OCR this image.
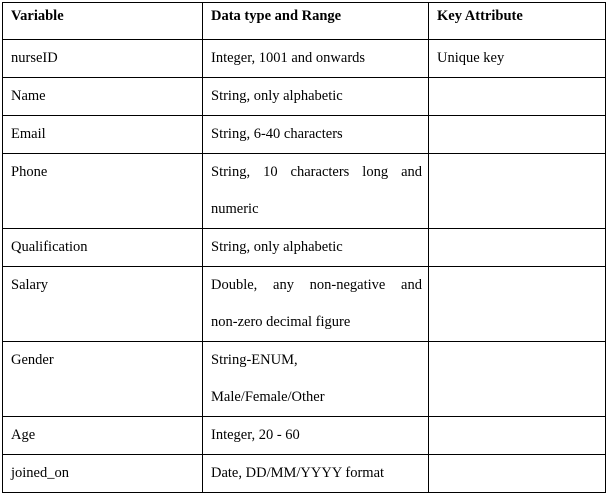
Variable	Data type and Range	Key Attribute
nurseID	Integer, 1001 and onwards	Unique key
Name	String, only alphabetic	

Email	String, 6-40 characters	

Phone	String, 10 characters long and
numeric	

Qualification	String, only alphabetic	

Salary	Double, any non-negative and
non-zero decimal figure	

Gender	String-ENUM,
Male/Female/Other	

Age	Integer, 20 - 60	

joined_on	Date, DD/MM/YYYY format	
